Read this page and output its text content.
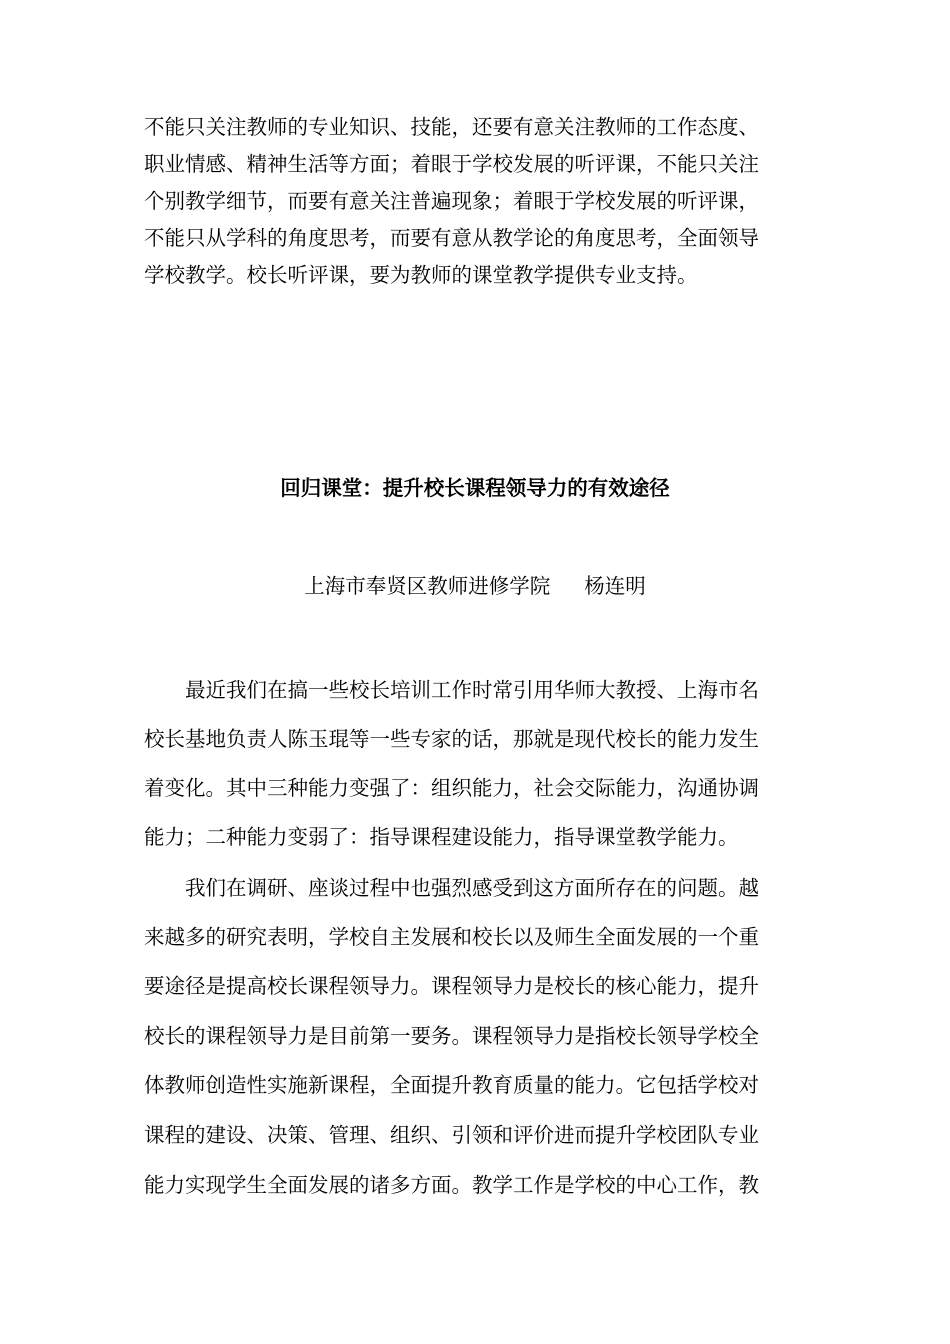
不能只关注教师的专业知识、技能，还要有意关注教师的工作态度、
职业情感、精神生活等方面；着眼于学校发展的听评课，不能只关注
个别教学细节，而要有意关注普遍现象；着眼于学校发展的听评课，
不能只从学科的角度思考，而要有意从教学论的角度思考，全面领导
学校教学。校长听评课，要为教师的课堂教学提供专业支持。
回归课堂：提升校长课程领导力的有效途径
上海市奉贤区教师进修学院 杨连明
　　最近我们在搞一些校长培训工作时常引用华师大教授、上海市名
校长基地负责人陈玉琨等一些专家的话，那就是现代校长的能力发生
着变化。其中三种能力变强了：组织能力，社会交际能力，沟通协调
能力；二种能力变弱了：指导课程建设能力，指导课堂教学能力。
　　我们在调研、座谈过程中也强烈感受到这方面所存在的问题。越
来越多的研究表明，学校自主发展和校长以及师生全面发展的一个重
要途径是提高校长课程领导力。课程领导力是校长的核心能力，提升
校长的课程领导力是目前第一要务。课程领导力是指校长领导学校全
体教师创造性实施新课程，全面提升教育质量的能力。它包括学校对
课程的建设、决策、管理、组织、引领和评价进而提升学校团队专业
能力实现学生全面发展的诸多方面。教学工作是学校的中心工作，教
